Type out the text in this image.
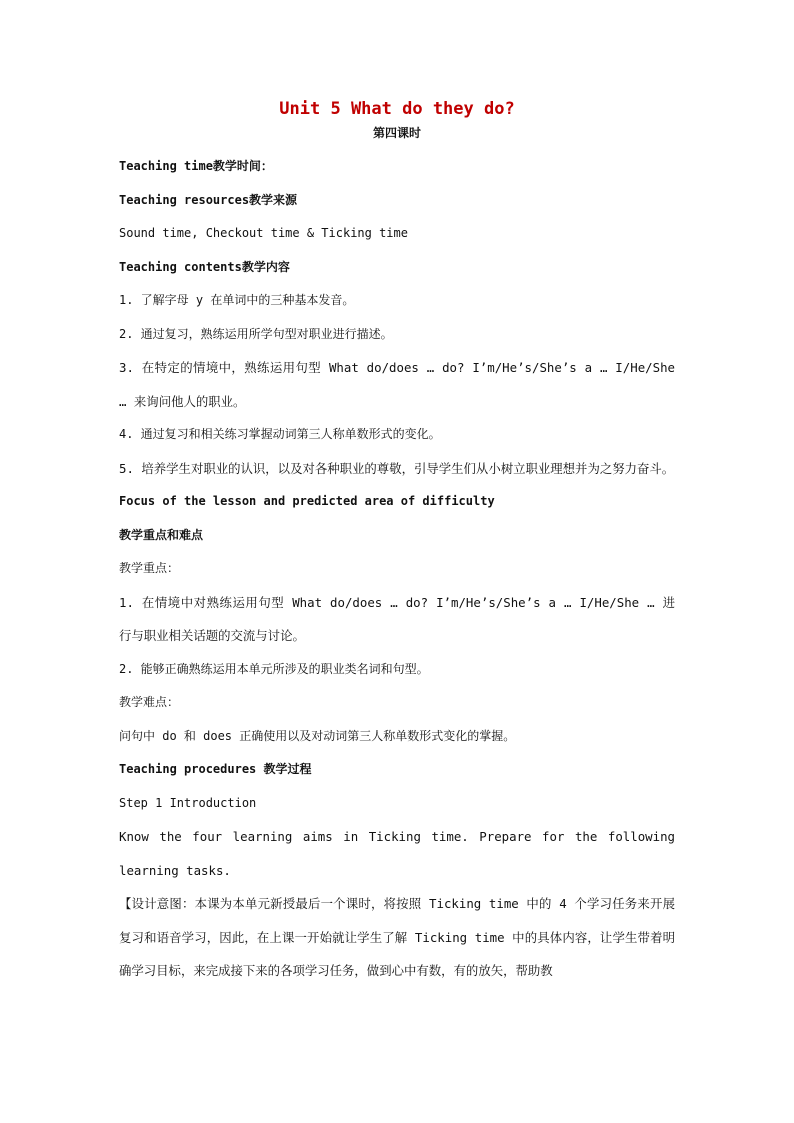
Unit 5 What do they do?

第四课时

Teaching time教学时间：

Teaching resources教学来源

Sound time, Checkout time & Ticking time

Teaching contents教学内容

1. 了解字母 y 在单词中的三种基本发音。

2. 通过复习，熟练运用所学句型对职业进行描述。

3. 在特定的情境中，熟练运用句型 What do/does … do? I’m/He’s/She’s a … I/He/She … 来询问他人的职业。

4. 通过复习和相关练习掌握动词第三人称单数形式的变化。

5. 培养学生对职业的认识，以及对各种职业的尊敬，引导学生们从小树立职业理想并为之努力奋斗。

Focus of the lesson and predicted area of difficulty

教学重点和难点

教学重点：

1. 在情境中对熟练运用句型 What do/does … do? I’m/He’s/She’s a … I/He/She … 进行与职业相关话题的交流与讨论。

2. 能够正确熟练运用本单元所涉及的职业类名词和句型。

教学难点：

问句中 do 和 does 正确使用以及对动词第三人称单数形式变化的掌握。

Teaching procedures 教学过程

Step 1 Introduction

Know the four learning aims in Ticking time. Prepare for the following learning tasks.

【设计意图：本课为本单元新授最后一个课时，将按照 Ticking time 中的 4 个学习任务来开展复习和语音学习，因此，在上课一开始就让学生了解 Ticking time 中的具体内容，让学生带着明确学习目标，来完成接下来的各项学习任务，做到心中有数，有的放矢，帮助教
